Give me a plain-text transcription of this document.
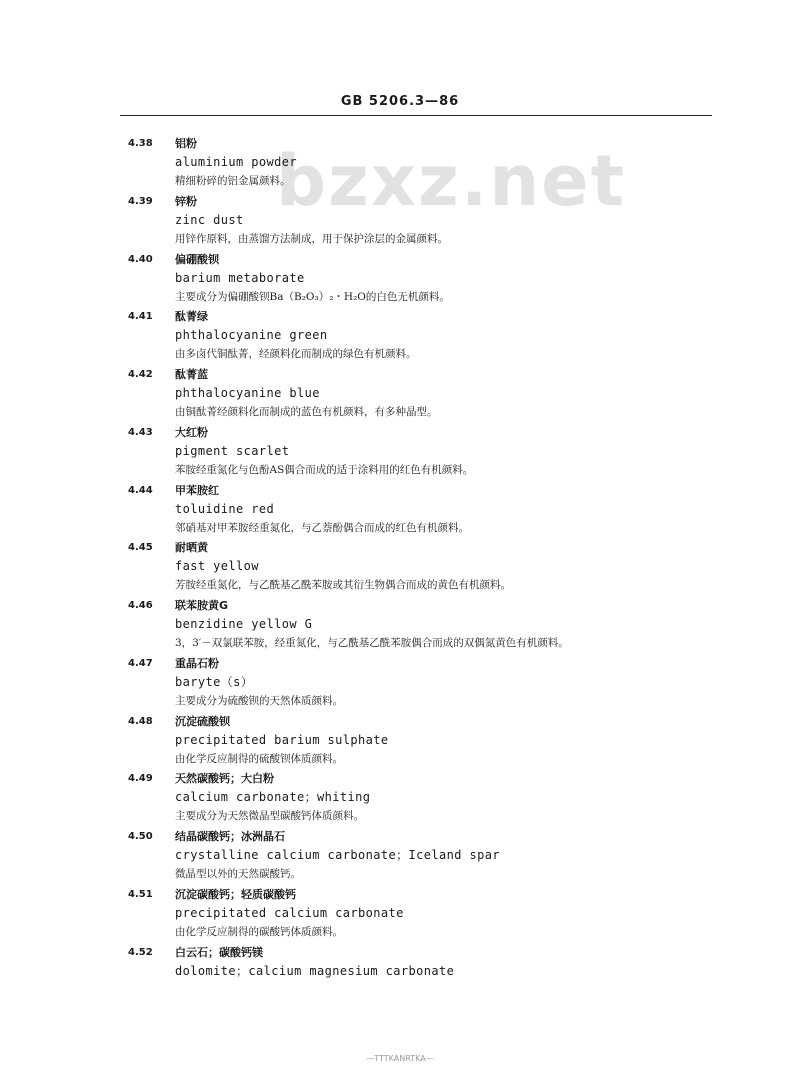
GB 5206.3—86
bzxz.net
4.38 铝粉
aluminium powder
精细粉碎的铝金属颜料。
4.39 锌粉
zinc dust
用锌作原料，由蒸馏方法制成，用于保护涂层的金属颜料。
4.40 偏硼酸钡
barium metaborate
主要成分为偏硼酸钡Ba（B₂O₃）₂・H₂O的白色无机颜料。
4.41 酞菁绿
phthalocyanine green
由多卤代铜酞菁，经颜料化而制成的绿色有机颜料。
4.42 酞菁蓝
phthalocyanine blue
由铜酞菁经颜料化而制成的蓝色有机颜料，有多种晶型。
4.43 大红粉
pigment scarlet
苯胺经重氮化与色酚AS偶合而成的适于涂料用的红色有机颜料。
4.44 甲苯胺红
toluidine red
邻硝基对甲苯胺经重氮化，与乙萘酚偶合而成的红色有机颜料。
4.45 耐晒黄
fast yellow
芳胺经重氮化，与乙酰基乙酰苯胺或其衍生物偶合而成的黄色有机颜料。
4.46 联苯胺黄G
benzidine yellow G
3，3′－双氯联苯胺，经重氮化，与乙酰基乙酰苯胺偶合而成的双偶氮黄色有机颜料。
4.47 重晶石粉
baryte（s）
主要成分为硫酸钡的天然体质颜料。
4.48 沉淀硫酸钡
precipitated barium sulphate
由化学反应制得的硫酸钡体质颜料。
4.49 天然碳酸钙；大白粉
calcium carbonate；whiting
主要成分为天然微晶型碳酸钙体质颜料。
4.50 结晶碳酸钙；冰洲晶石
crystalline calcium carbonate；Iceland spar
微晶型以外的天然碳酸钙。
4.51 沉淀碳酸钙；轻质碳酸钙
precipitated calcium carbonate
由化学反应制得的碳酸钙体质颜料。
4.52 白云石；碳酸钙镁
dolomite；calcium magnesium carbonate
—TTTKANRTKA—
